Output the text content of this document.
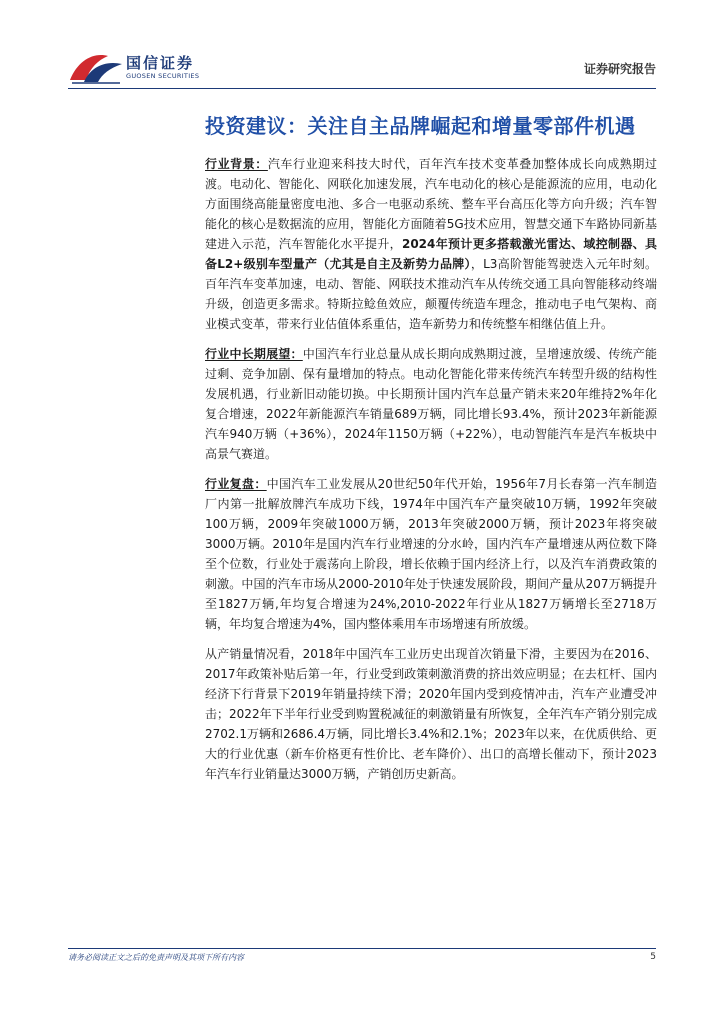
国信证券
GUOSEN SECURITIES	证券研究报告
投资建议：关注自主品牌崛起和增量零部件机遇

行业背景：汽车行业迎来科技大时代，百年汽车技术变革叠加整体成长向成熟期过渡。电动化、智能化、网联化加速发展，汽车电动化的核心是能源流的应用，电动化方面围绕高能量密度电池、多合一电驱动系统、整车平台高压化等方向升级；汽车智能化的核心是数据流的应用，智能化方面随着5G技术应用，智慧交通下车路协同新基建进入示范，汽车智能化水平提升，2024年预计更多搭载激光雷达、域控制器、具备L2+级别车型量产（尤其是自主及新势力品牌），L3高阶智能驾驶迭入元年时刻。百年汽车变革加速，电动、智能、网联技术推动汽车从传统交通工具向智能移动终端升级，创造更多需求。特斯拉鲶鱼效应，颠覆传统造车理念，推动电子电气架构、商业模式变革，带来行业估值体系重估，造车新势力和传统整车相继估值上升。

行业中长期展望：中国汽车行业总量从成长期向成熟期过渡，呈增速放缓、传统产能过剩、竞争加剧、保有量增加的特点。电动化智能化带来传统汽车转型升级的结构性发展机遇，行业新旧动能切换。中长期预计国内汽车总量产销未来20年维持2%年化复合增速，2022年新能源汽车销量689万辆，同比增长93.4%，预计2023年新能源汽车940万辆（+36%），2024年1150万辆（+22%），电动智能汽车是汽车板块中高景气赛道。

行业复盘：中国汽车工业发展从20世纪50年代开始，1956年7月长春第一汽车制造厂内第一批解放牌汽车成功下线，1974年中国汽车产量突破10万辆，1992年突破100万辆，2009年突破1000万辆，2013年突破2000万辆，预计2023年将突破3000万辆。2010年是国内汽车行业增速的分水岭，国内汽车产量增速从两位数下降至个位数，行业处于震荡向上阶段，增长依赖于国内经济上行，以及汽车消费政策的刺激。中国的汽车市场从2000-2010年处于快速发展阶段，期间产量从207万辆提升至1827万辆,年均复合增速为24%,2010-2022年行业从1827万辆增长至2718万辆，年均复合增速为4%，国内整体乘用车市场增速有所放缓。

从产销量情况看，2018年中国汽车工业历史出现首次销量下滑，主要因为在2016、2017年政策补贴后第一年，行业受到政策刺激消费的挤出效应明显；在去杠杆、国内经济下行背景下2019年销量持续下滑；2020年国内受到疫情冲击，汽车产业遭受冲击；2022年下半年行业受到购置税减征的刺激销量有所恢复，全年汽车产销分别完成2702.1万辆和2686.4万辆，同比增长3.4%和2.1%；2023年以来，在优质供给、更大的行业优惠（新车价格更有性价比、老车降价）、出口的高增长催动下，预计2023年汽车行业销量达3000万辆，产销创历史新高。

请务必阅读正文之后的免责声明及其项下所有内容	5
